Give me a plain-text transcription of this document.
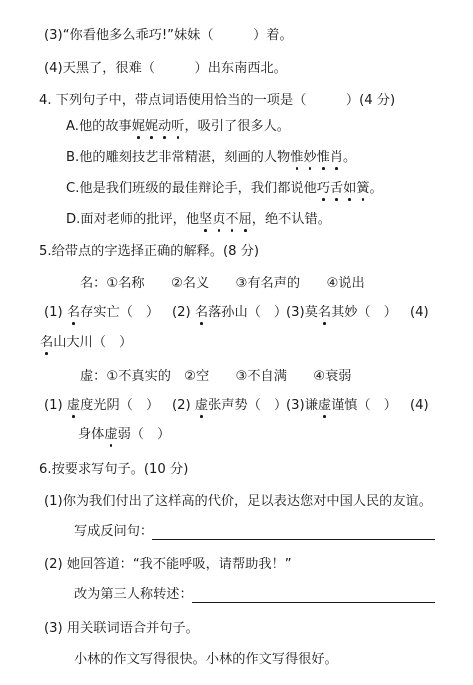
(3)“你看他多么乖巧!”妹妹（　　　）着。
(4)天黑了，很难（　　　）出东南西北。
4. 下列句子中，带点词语使用恰当的一项是（　　　）(4 分)
A.他的故事娓娓动听，吸引了很多人。
B.他的雕刻技艺非常精湛，刻画的人物惟妙惟肖。
C.他是我们班级的最佳辩论手，我们都说他巧舌如簧。
D.面对老师的批评，他坚贞不屈，绝不认错。
5.给带点的字选择正确的解释。(8 分)
名：①名称　　②名义　　③有名声的　　④说出
(1) 名存实亡（　） (2) 名落孙山（　）
(3)莫名其妙（　） (4)
名山大川（　）
虚：①不真实的　②空　　③不自满　　④衰弱
(1) 虚度光阴（　） (2) 虚张声势（　）
(3)谦虚谨慎（　） (4)
身体虚弱（　）
6.按要求写句子。(10 分)
(1)你为我们付出了这样高的代价，足以表达您对中国人民的友谊。
写成反问句：
(2) 她回答道：“我不能呼吸，请帮助我！”
改为第三人称转述：
(3) 用关联词语合并句子。
小林的作文写得很快。小林的作文写得很好。
